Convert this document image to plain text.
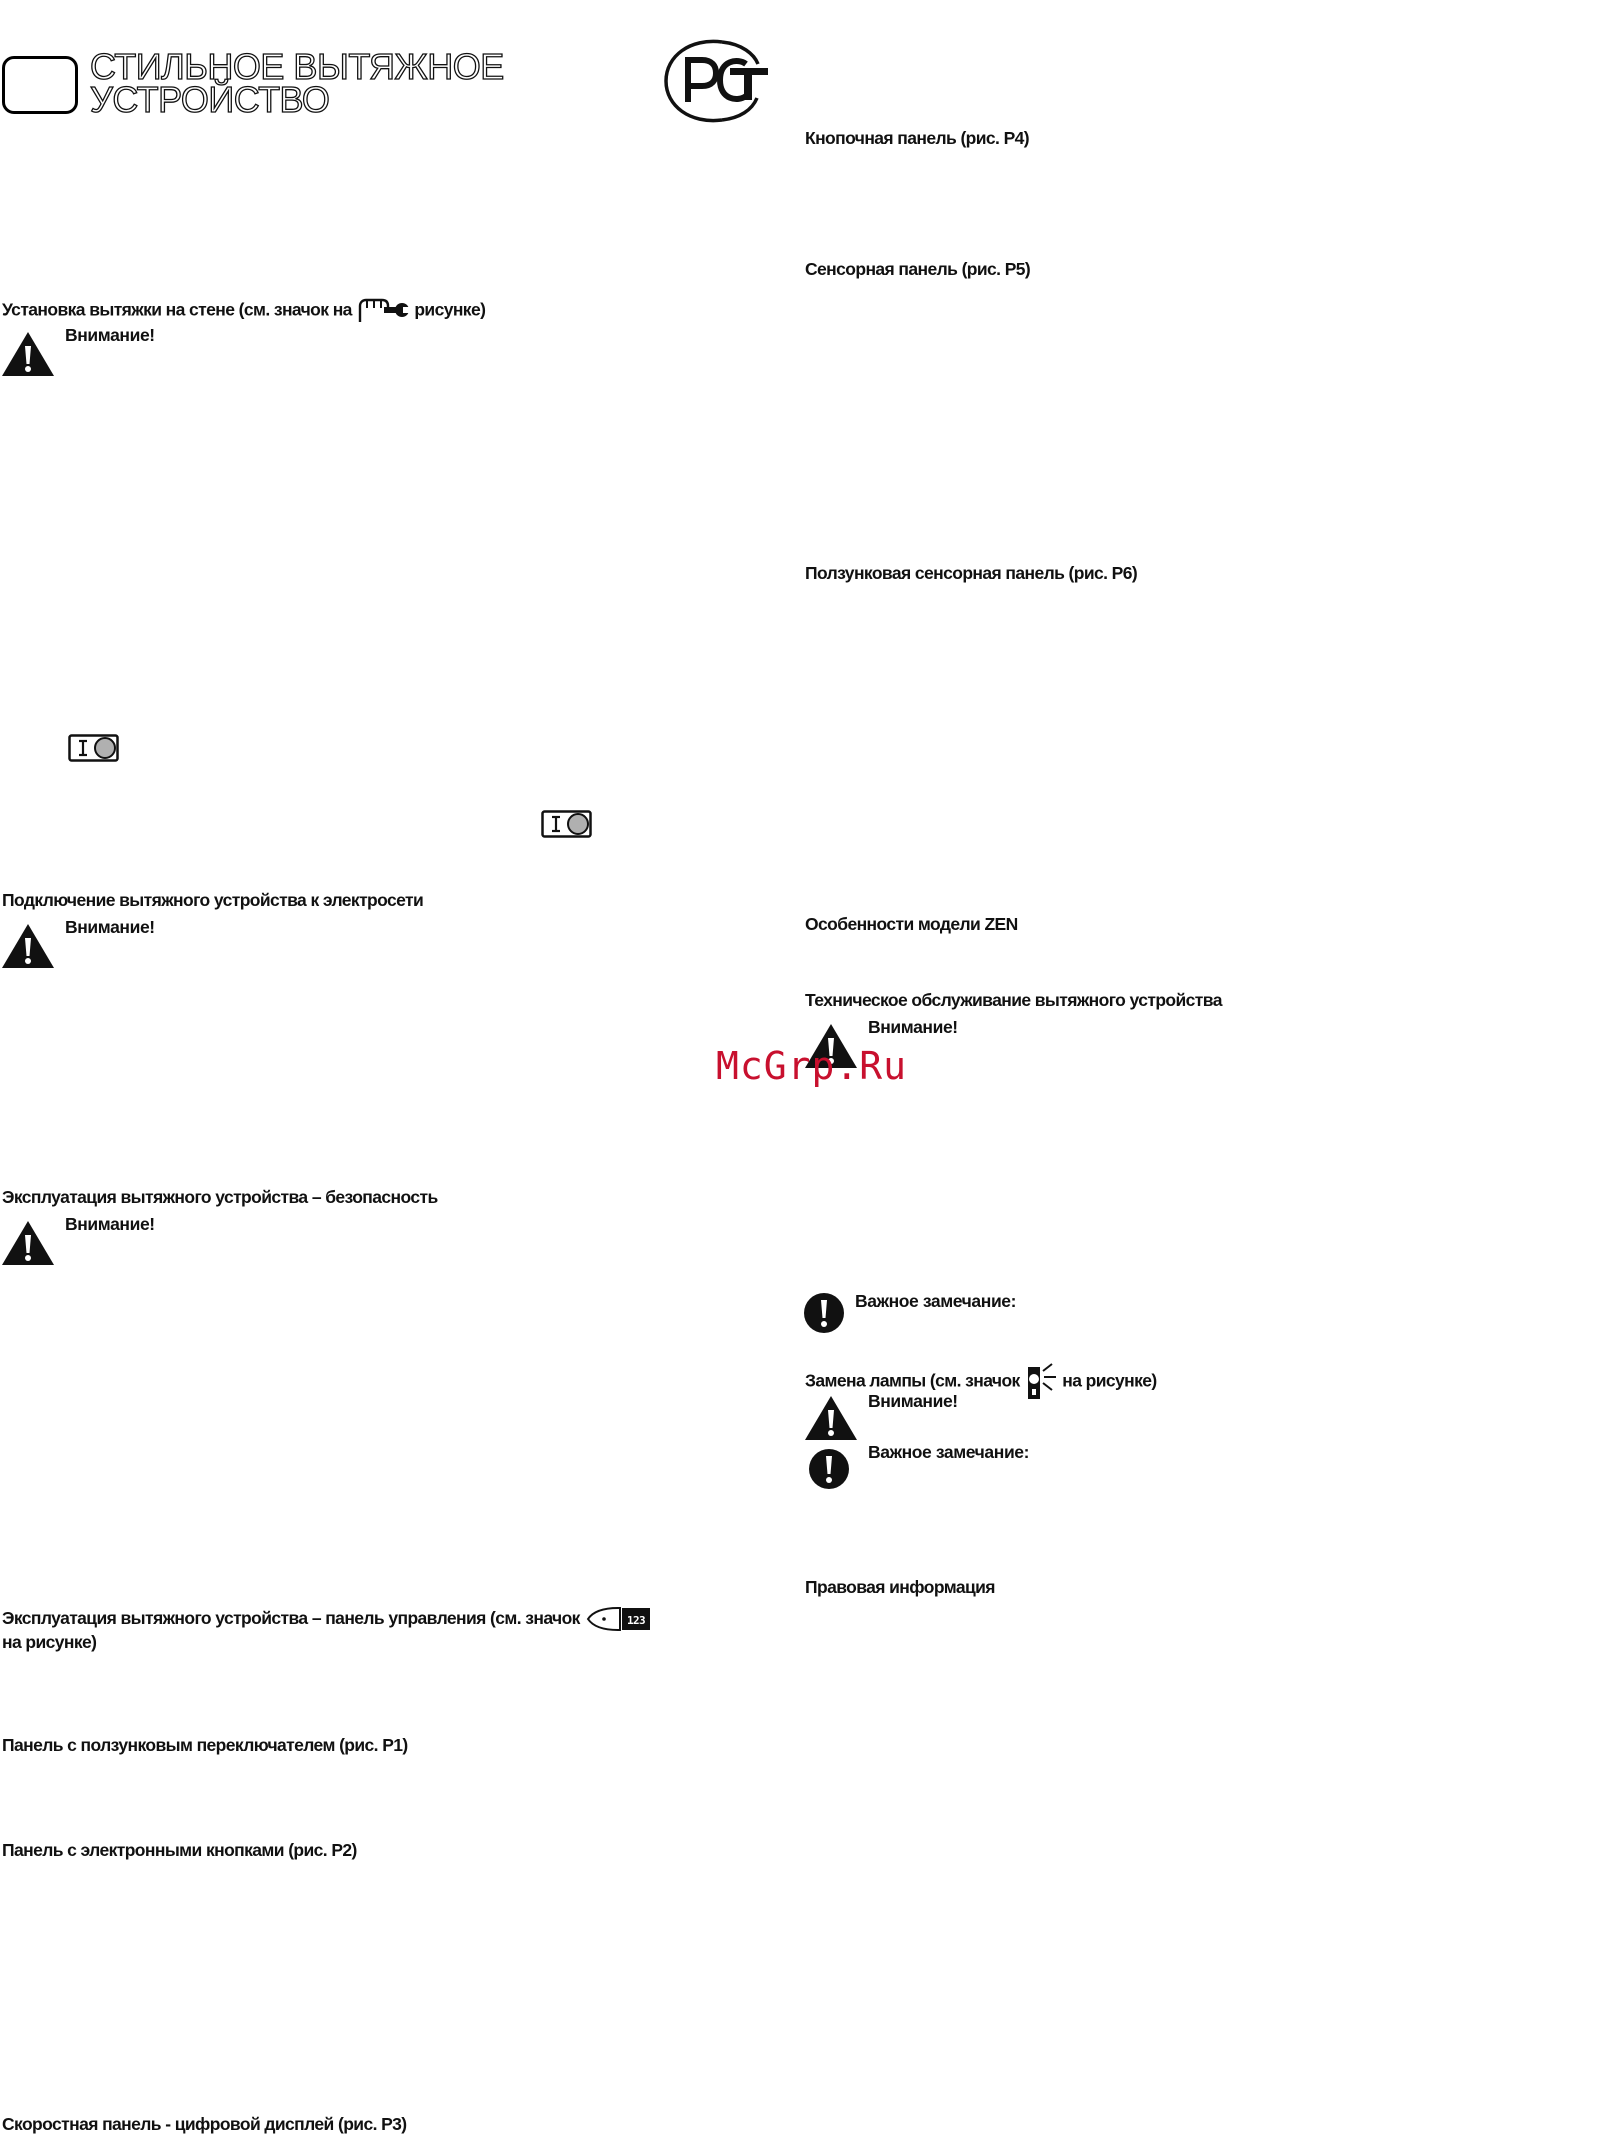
СТИЛЬНОЕ ВЫТЯЖНОЕ
УСТРОЙСТВО
Установка вытяжки на стене (см. значок на	рисунке)
Внимание!
Подключение вытяжного устройства к электросети
Внимание!
Эксплуатация вытяжного устройства – безопасность
Внимание!
Эксплуатация вытяжного устройства – панель управления (см. значок	123
на рисунке)
Панель с ползунковым переключателем (рис. P1)
Панель с электронными кнопками (рис. P2)
Скоростная панель - цифровой дисплей (рис. P3)
Кнопочная панель (рис. P4)
Сенсорная панель (рис. P5)
Ползунковая сенсорная панель (рис. P6)
Особенности модели ZEN
Техническое обслуживание вытяжного устройства
Внимание!
Важное замечание:
Замена лампы (см. значок на рисунке)
Внимание!
Важное замечание:
Правовая информация
McGrp.Ru
